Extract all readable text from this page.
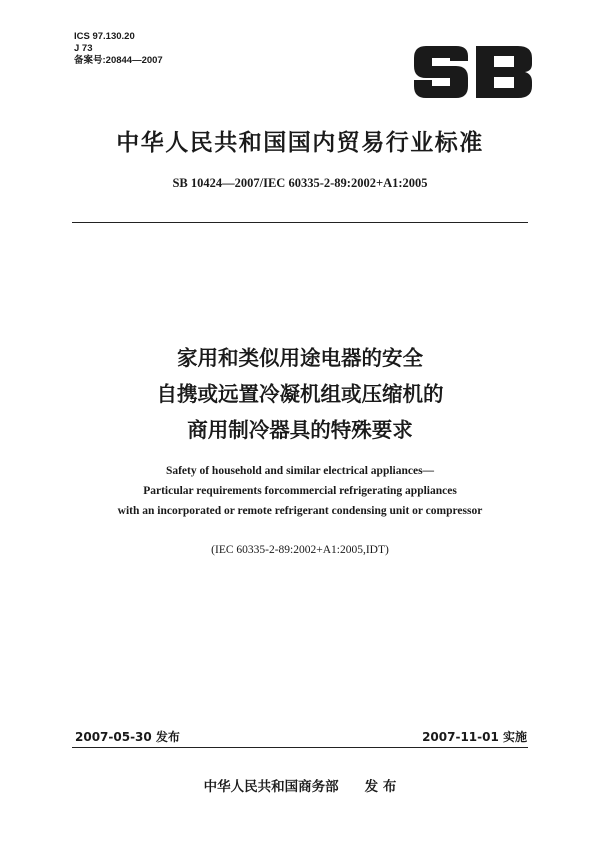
ICS 97.130.20
J 73
备案号:20844—2007
中华人民共和国国内贸易行业标准
SB 10424—2007/IEC 60335-2-89:2002+A1:2005
家用和类似用途电器的安全
自携或远置冷凝机组或压缩机的
商用制冷器具的特殊要求
Safety of household and similar electrical appliances—
Particular requirements forcommercial refrigerating appliances
with an incorporated or remote refrigerant condensing unit or compressor
(IEC 60335-2-89:2002+A1:2005,IDT)
2007-05-30 发布	2007-11-01 实施
中华人民共和国商务部 发 布
